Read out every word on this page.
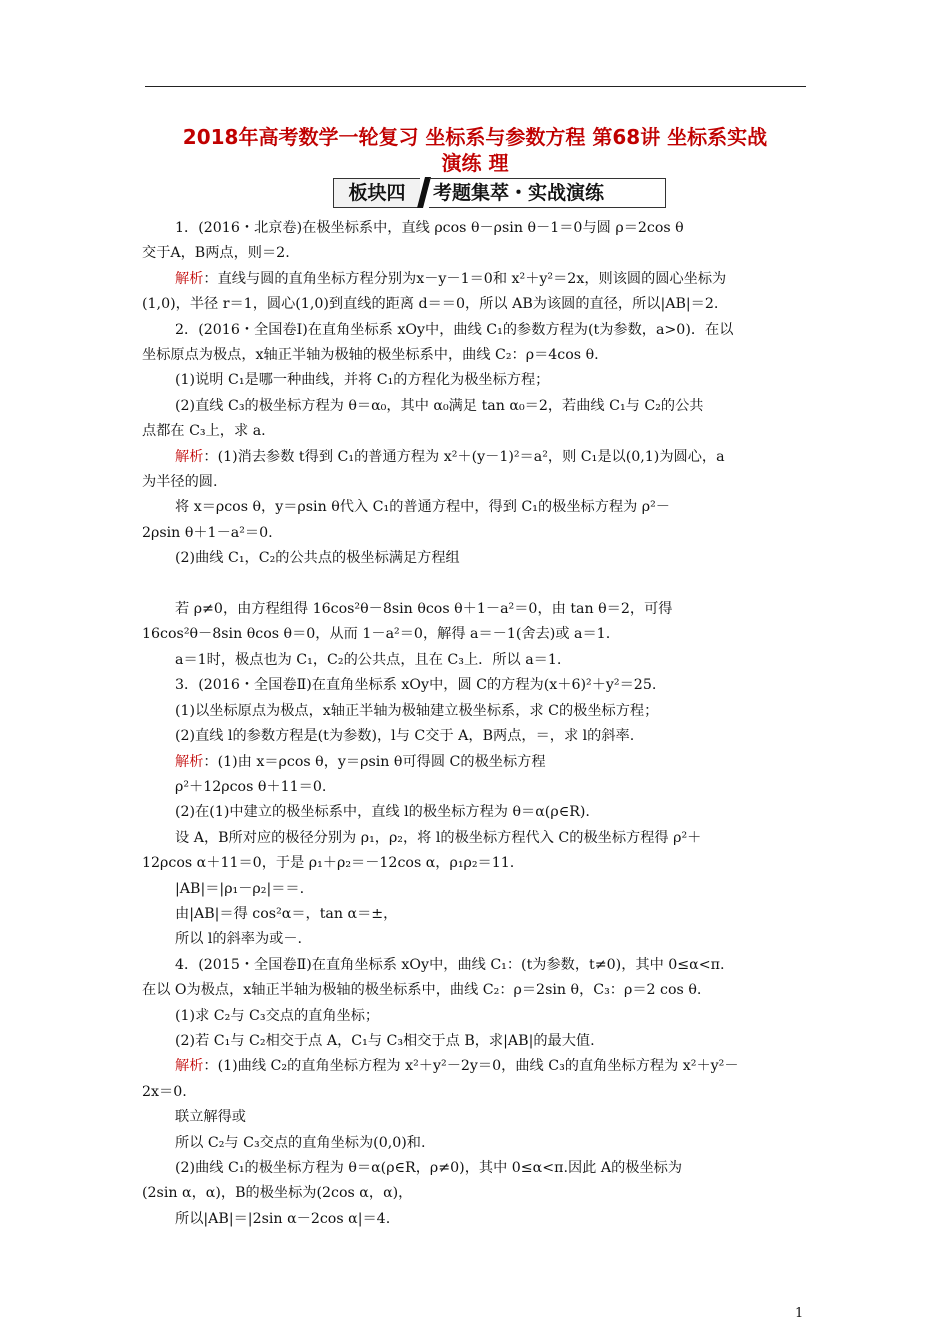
2018年高考数学一轮复习 坐标系与参数方程 第68讲 坐标系实战
演练 理
板块四	考题集萃・实战演练

1．(2016・北京卷)在极坐标系中，直线 ρcos θ－ρsin θ－1＝0与圆 ρ＝2cos θ

交于A，B两点，则＝2.

解析：直线与圆的直角坐标方程分别为x－y－1＝0和 x²＋y²＝2x，则该圆的圆心坐标为

(1,0)，半径 r＝1，圆心(1,0)到直线的距离 d＝＝0，所以 AB为该圆的直径，所以|AB|＝2.

2．(2016・全国卷Ⅰ)在直角坐标系 xOy中，曲线 C₁的参数方程为(t为参数，a>0)．在以

坐标原点为极点，x轴正半轴为极轴的极坐标系中，曲线 C₂：ρ＝4cos θ.

(1)说明 C₁是哪一种曲线，并将 C₁的方程化为极坐标方程；

(2)直线 C₃的极坐标方程为 θ＝α₀，其中 α₀满足 tan α₀＝2，若曲线 C₁与 C₂的公共

点都在 C₃上，求 a.

解析：(1)消去参数 t得到 C₁的普通方程为 x²＋(y－1)²＝a²，则 C₁是以(0,1)为圆心，a

为半径的圆.

将 x＝ρcos θ，y＝ρsin θ代入 C₁的普通方程中，得到 C₁的极坐标方程为 ρ²－

2ρsin θ＋1－a²＝0.

(2)曲线 C₁，C₂的公共点的极坐标满足方程组

若 ρ≠0，由方程组得 16cos²θ－8sin θcos θ＋1－a²＝0，由 tan θ＝2，可得

16cos²θ－8sin θcos θ＝0，从而 1－a²＝0，解得 a＝－1(舍去)或 a＝1.

a＝1时，极点也为 C₁，C₂的公共点，且在 C₃上．所以 a＝1.

3．(2016・全国卷Ⅱ)在直角坐标系 xOy中，圆 C的方程为(x＋6)²＋y²＝25.

(1)以坐标原点为极点，x轴正半轴为极轴建立极坐标系，求 C的极坐标方程；

(2)直线 l的参数方程是(t为参数)，l与 C交于 A，B两点，＝，求 l的斜率.

解析：(1)由 x＝ρcos θ，y＝ρsin θ可得圆 C的极坐标方程

ρ²＋12ρcos θ＋11＝0.

(2)在(1)中建立的极坐标系中，直线 l的极坐标方程为 θ＝α(ρ∈R).

设 A，B所对应的极径分别为 ρ₁，ρ₂，将 l的极坐标方程代入 C的极坐标方程得 ρ²＋

12ρcos α＋11＝0，于是 ρ₁＋ρ₂＝－12cos α，ρ₁ρ₂＝11.

|AB|＝|ρ₁－ρ₂|＝＝.

由|AB|＝得 cos²α＝，tan α＝±，

所以 l的斜率为或－.

4．(2015・全国卷Ⅱ)在直角坐标系 xOy中，曲线 C₁：(t为参数，t≠0)，其中 0≤α<π.

在以 O为极点，x轴正半轴为极轴的极坐标系中，曲线 C₂：ρ＝2sin θ，C₃：ρ＝2 cos θ.

(1)求 C₂与 C₃交点的直角坐标；

(2)若 C₁与 C₂相交于点 A，C₁与 C₃相交于点 B，求|AB|的最大值.

解析：(1)曲线 C₂的直角坐标方程为 x²＋y²－2y＝0，曲线 C₃的直角坐标方程为 x²＋y²－

2x＝0.

联立解得或

所以 C₂与 C₃交点的直角坐标为(0,0)和.

(2)曲线 C₁的极坐标方程为 θ＝α(ρ∈R，ρ≠0)，其中 0≤α<π.因此 A的极坐标为

(2sin α，α)，B的极坐标为(2cos α，α)，

所以|AB|＝|2sin α－2cos α|＝4.

1
